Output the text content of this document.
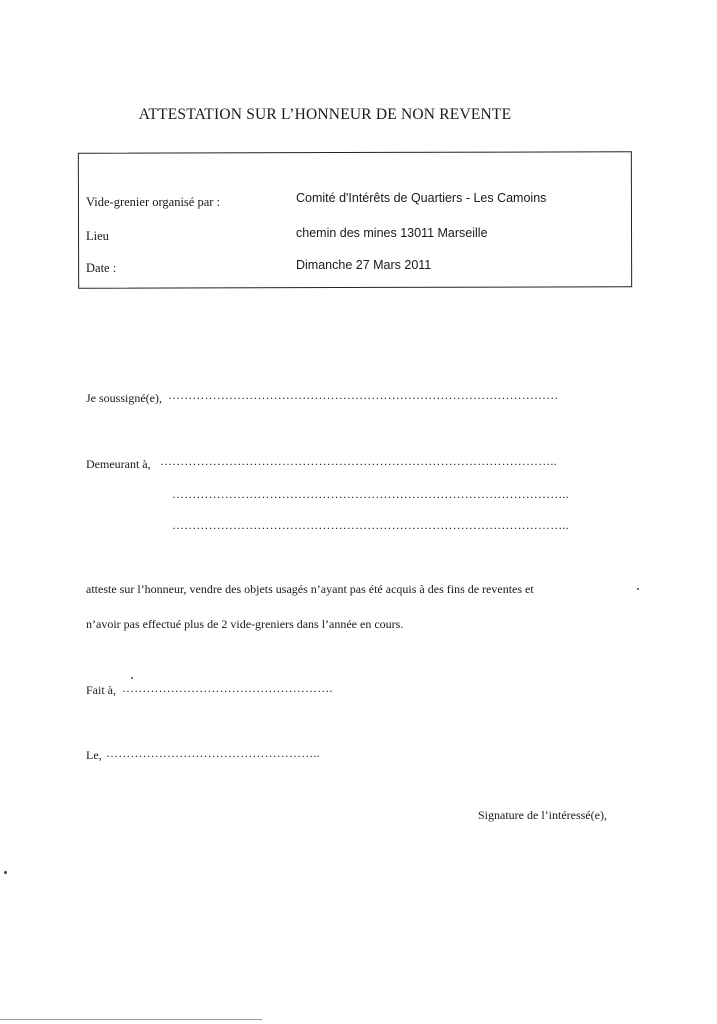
ATTESTATION SUR L’HONNEUR DE NON REVENTE
Vide-grenier organisé par :	Comité d'Intérêts de Quartiers - Les Camoins
Lieu	chemin des mines 13011 Marseille
Date :	Dimanche 27 Mars 2011
Je soussigné(e), ……………………………………………………………………………………
Demeurant à, ……………………………………………………………………………………..
……………………………………………………………………………………..
……………………………………………………………………………………..
atteste sur l’honneur, vendre des objets usagés n’ayant pas été acquis à des fins de reventes et
n’avoir pas effectué plus de 2 vide-greniers dans l’année en cours.
Fait à, …………………………………………….
Le, ……………………………………………..
Signature de l’intéressé(e),
